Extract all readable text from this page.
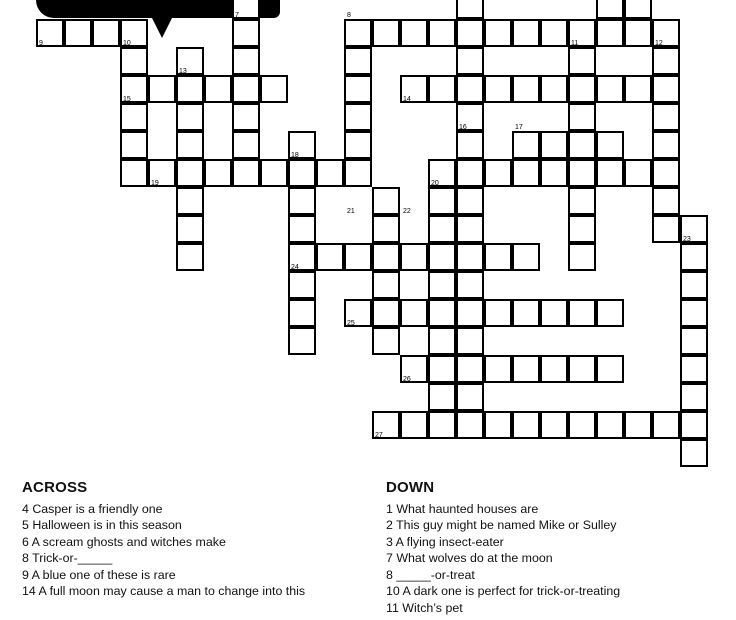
7	8
9	10	11	12
13
14
15
16	17
18
19	20
21	22
23
24
25
26
27
ACROSS

4 Casper is a friendly one

5 Halloween is in this season

6 A scream ghosts and witches make

8 Trick-or-_____

9 A blue one of these is rare

14 A full moon may cause a man to change into this

DOWN

1 What haunted houses are

2 This guy might be named Mike or Sulley

3 A flying insect-eater

7 What wolves do at the moon

8 _____-or-treat

10 A dark one is perfect for trick-or-treating

11 Witch’s pet
